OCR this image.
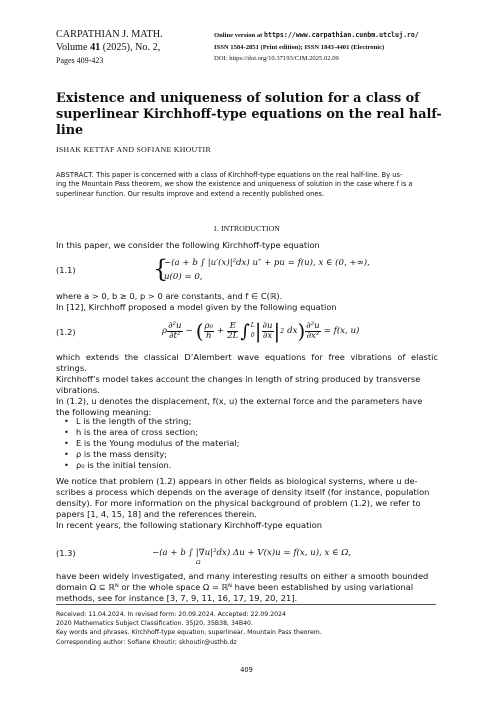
CARPATHIAN J. MATH.
Volume 41 (2025), No. 2,
Pages 409-423
Online version at https://www.carpathian.cunbm.utcluj.ro/
ISSN 1584-2851 (Print edition); ISSN 1843-4401 (Electronic)
DOI: https://doi.org/10.37193/CJM.2025.02.09
Existence and uniqueness of solution for a class of
superlinear Kirchhoff-type equations on the real half-line
ISHAK KETTAF AND SOFIANE KHOUTIR
ABSTRACT. This paper is concerned with a class of Kirchhoff-type equations on the real half-line. By us-
ing the Mountain Pass theorem, we show the existence and uniqueness of solution in the case where f is a
superlinear function. Our results improve and extend a recently published ones.
1. INTRODUCTION
In this paper, we consider the following Kirchhoff-type equation
(1.1)	{
−(a + b ∫ |u′(x)|²dx) u″ + pu = f(u), x ∈ (0, +∞),
u(0) = 0,
where a > 0, b ≥ 0, p > 0 are constants, and f ∈ C(ℝ).
In [12], Kirchhoff proposed a model given by the following equation
(1.2)	ρ $\frac{\text{∂²u}}{\text{∂t²}}$ − ( $\frac{\text{ρ₀}}{h} + \frac{E}{2L}$ ∫ L
0 | $\frac{\partial u}{\partial x}$ | 2 dx ) $\frac{\text{∂²u}}{\text{∂x²}} = f(x$, u)
which extends the classical D’Alembert wave equations for free vibrations of elastic strings.
Kirchhoff’s model takes account the changes in length of string produced by transverse
vibrations.
In (1.2), u denotes the displacement, f(x, u) the external force and the parameters have
the following meaning:
• L is the length of the string;
• h is the area of cross section;
• E is the Young modulus of the material;
• ρ is the mass density;
• ρ₀ is the initial tension.
We notice that problem (1.2) appears in other fields as biological systems, where u de-
scribes a process which depends on the average of density itself (for instance, population
density). For more information on the physical background of problem (1.2), we refer to
papers [1, 4, 15, 18] and the references therein.
In recent years, the following stationary Kirchhoff-type equation
(1.3)	−(a + b ∫ |∇u|²dx) Δu + V(x)u = f(x, u), x ∈ Ω,
Ω
have been widely investigated, and many interesting results on either a smooth bounded
domain Ω ⊆ ℝᴺ or the whole space Ω = ℝᴺ have been established by using variational
methods, see for instance [3, 7, 9, 11, 16, 17, 19, 20, 21].
Received: 11.04.2024. In revised form: 20.09.2024. Accepted: 22.09.2024
2020 Mathematics Subject Classification. 35J20, 35B38, 34B40.
Key words and phrases. Kirchhoff-type equation, superlinear, Mountain Pass theorem.
Corresponding author: Sofiane Khoutir; skhoutir@usthb.dz
409
